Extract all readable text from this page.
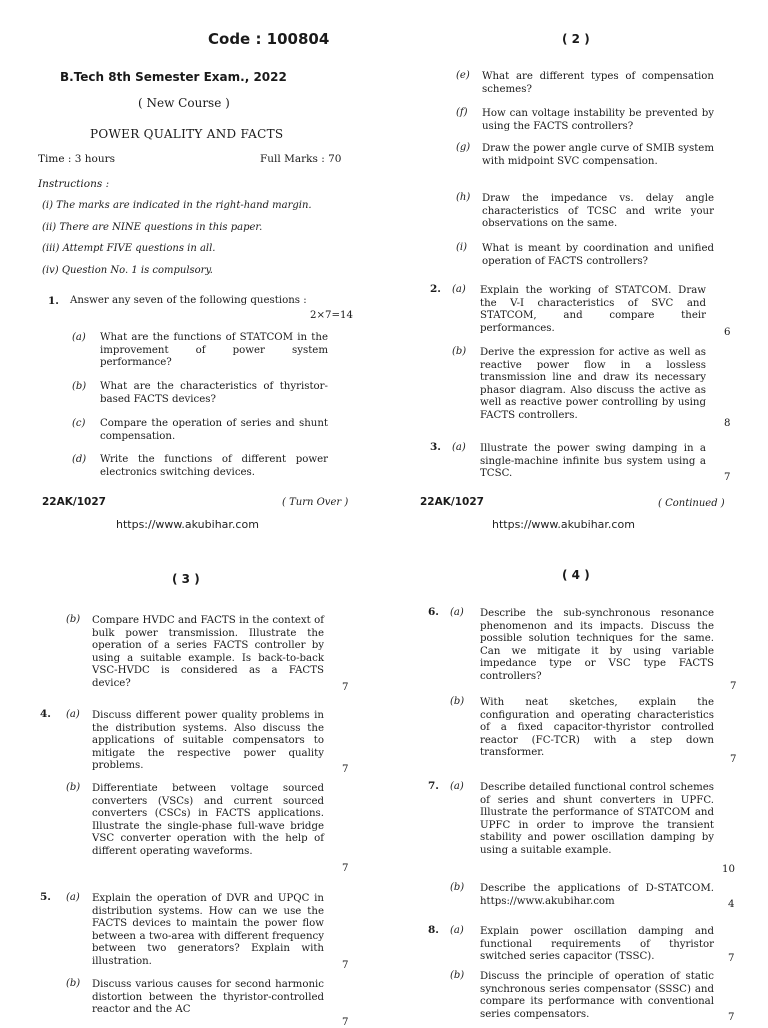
Code : 100804
B.Tech 8th Semester Exam., 2022
( New Course )
POWER QUALITY AND FACTS
Time : 3 hours	Full Marks : 70
Instructions :
(i) The marks are indicated in the right-hand margin.
(ii) There are NINE questions in this paper.
(iii) Attempt FIVE questions in all.
(iv) Question No. 1 is compulsory.
1. Answer any seven of the following questions :
2×7=14
(a) What are the functions of STATCOM in the improvement of power system performance?
(b) What are the characteristics of thyristor-based FACTS devices?
(c) Compare the operation of series and shunt compensation.
(d) Write the functions of different power electronics switching devices.
22AK/1027	( Turn Over )
https://www.akubihar.com
( 2 )
(e) What are different types of compensation schemes?
(f) How can voltage instability be prevented by using the FACTS controllers?
(g) Draw the power angle curve of SMIB system with midpoint SVC compensation.
(h) Draw the impedance vs. delay angle characteristics of TCSC and write your observations on the same.
(i) What is meant by coordination and unified operation of FACTS controllers?
2. (a) Explain the working of STATCOM. Draw the V-I characteristics of SVC and STATCOM, and compare their performances.	6
(b) Derive the expression for active as well as reactive power flow in a lossless transmission line and draw its necessary phasor diagram. Also discuss the active as well as reactive power controlling by using FACTS controllers.
8
3. (a) Illustrate the power swing damping in a single-machine infinite bus system using a TCSC.	7
22AK/1027	( Continued )
https://www.akubihar.com
( 3 )
(b) Compare HVDC and FACTS in the context of bulk power transmission. Illustrate the operation of a series FACTS controller by using a suitable example. Is back-to-back VSC-HVDC is considered as a FACTS device?	7
4. (a) Discuss different power quality problems in the distribution systems. Also discuss the applications of suitable compensators to mitigate the respective power quality problems.	7
(b) Differentiate between voltage sourced converters (VSCs) and current sourced converters (CSCs) in FACTS applications. Illustrate the single-phase full-wave bridge VSC converter operation with the help of different operating waveforms.
7
5. (a) Explain the operation of DVR and UPQC in distribution systems. How can we use the FACTS devices to maintain the power flow between a two-area with different frequency between two generators? Explain with illustration.	7
(b) Discuss various causes for second harmonic distortion between the thyristor-controlled reactor and the AC
7
( 4 )
6. (a) Describe the sub-synchronous resonance phenomenon and its impacts. Discuss the possible solution techniques for the same. Can we mitigate it by using variable impedance type or VSC type FACTS controllers?
7
(b) With neat sketches, explain the configuration and operating characteristics of a fixed capacitor-thyristor controlled reactor (FC-TCR) with a step down transformer.
7
7. (a) Describe detailed functional control schemes of series and shunt converters in UPFC. Illustrate the performance of STATCOM and UPFC in order to improve the transient stability and power oscillation damping by using a suitable example.
10
(b) Describe the applications of D-STATCOM. https://www.akubihar.com	4
8. (a) Explain power oscillation damping and functional requirements of thyristor switched series capacitor (TSSC).	7
(b) Discuss the principle of operation of static synchronous series compensator (SSSC) and compare its performance with conventional series compensators.	7
